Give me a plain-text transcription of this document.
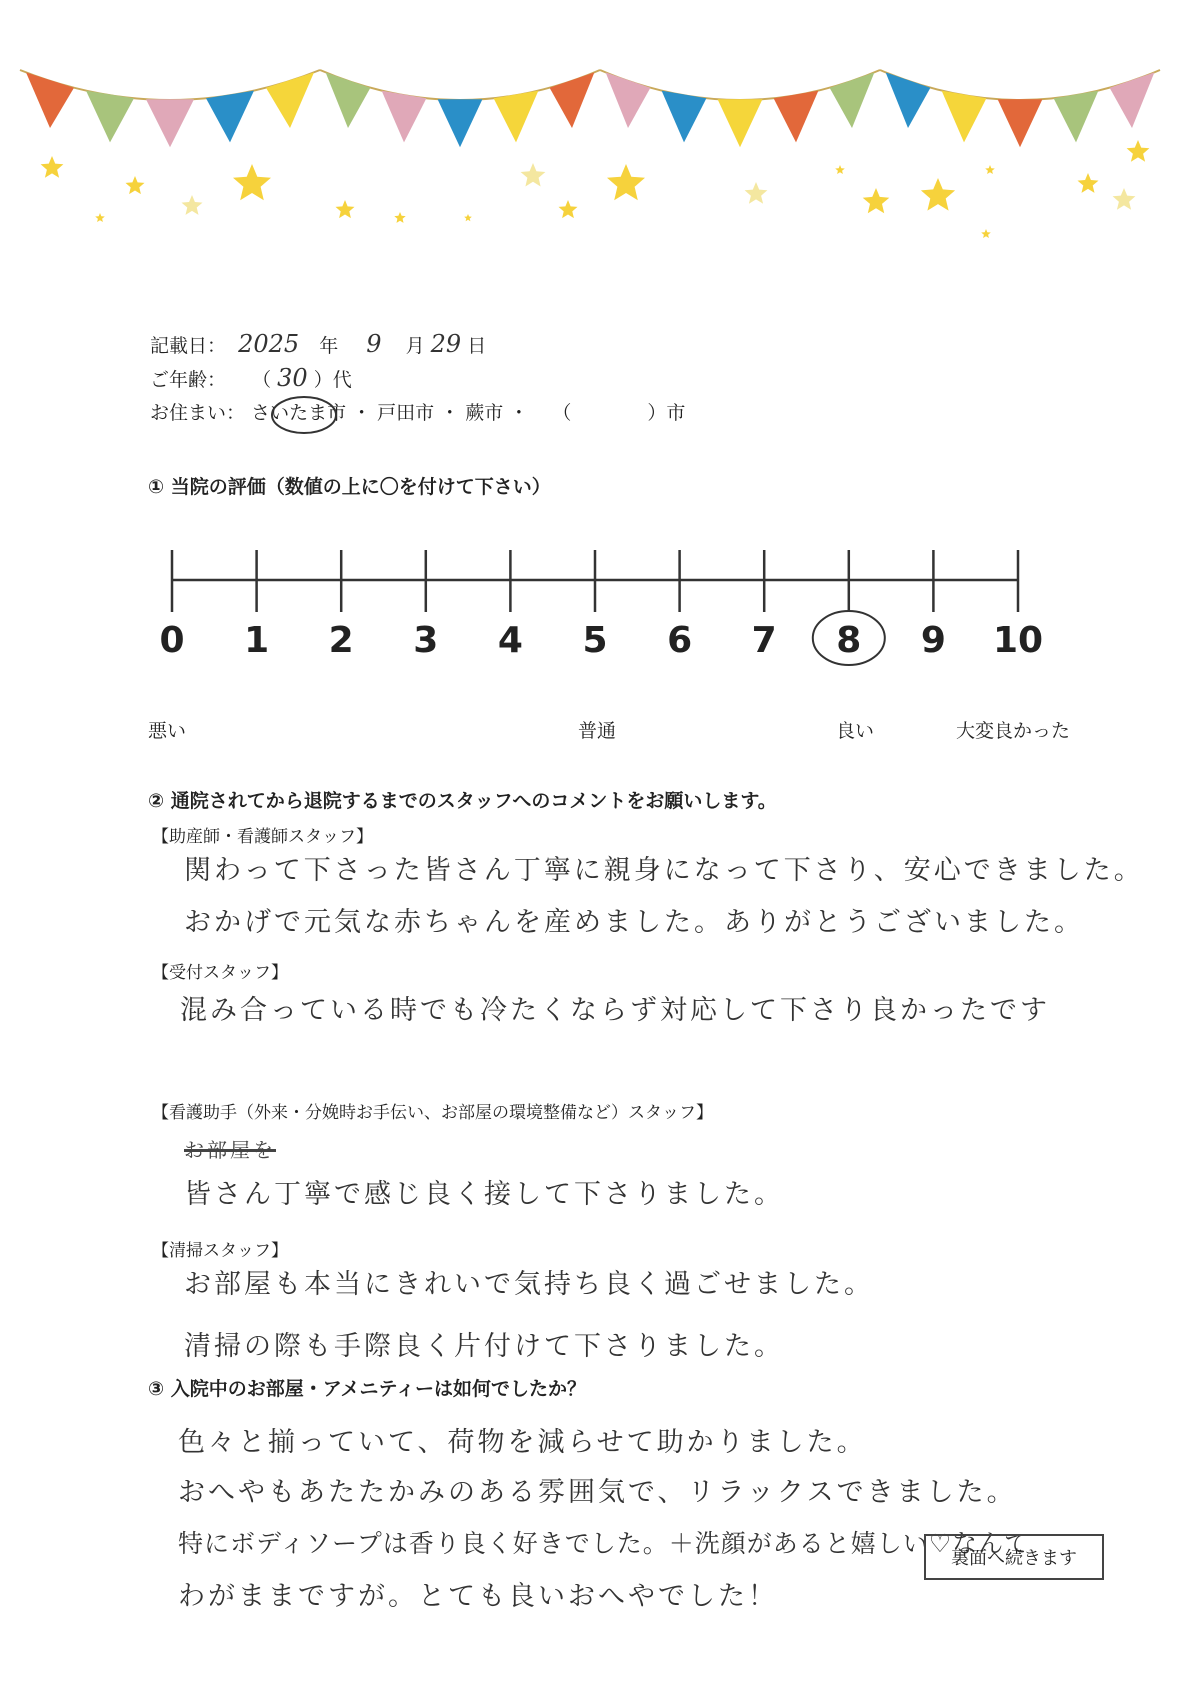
記載日： 2025 年 9 月 29 日
ご年齢： （ 30 ）代
お住まい： さいたま市
・ 戸田市 ・ 蕨市 ・ （　　　　）市
① 当院の評価（数値の上に〇を付けて下さい）
0 1 2 3 4 5 6 7 8 9 10
悪い	普通	良い	大変良かった
② 通院されてから退院するまでのスタッフへのコメントをお願いします。
【助産師・看護師スタッフ】
関わって下さった皆さん丁寧に親身になって下さり、安心できました。
おかげで元気な赤ちゃんを産めました。ありがとうございました。
【受付スタッフ】
混み合っている時でも冷たくならず対応して下さり良かったです
【看護助手（外来・分娩時お手伝い、お部屋の環境整備など）スタッフ】
お部屋を
皆さん丁寧で感じ良く接して下さりました。
【清掃スタッフ】
お部屋も本当にきれいで気持ち良く過ごせました。
清掃の際も手際良く片付けて下さりました。
③ 入院中のお部屋・アメニティーは如何でしたか？
色々と揃っていて、荷物を減らせて助かりました。
おへやもあたたかみのある雰囲気で、リラックスできました。
特にボディソープは香り良く好きでした。＋洗顔があると嬉しい♡なんて
わがままですが。とても良いおへやでした！
裏面へ続きます
